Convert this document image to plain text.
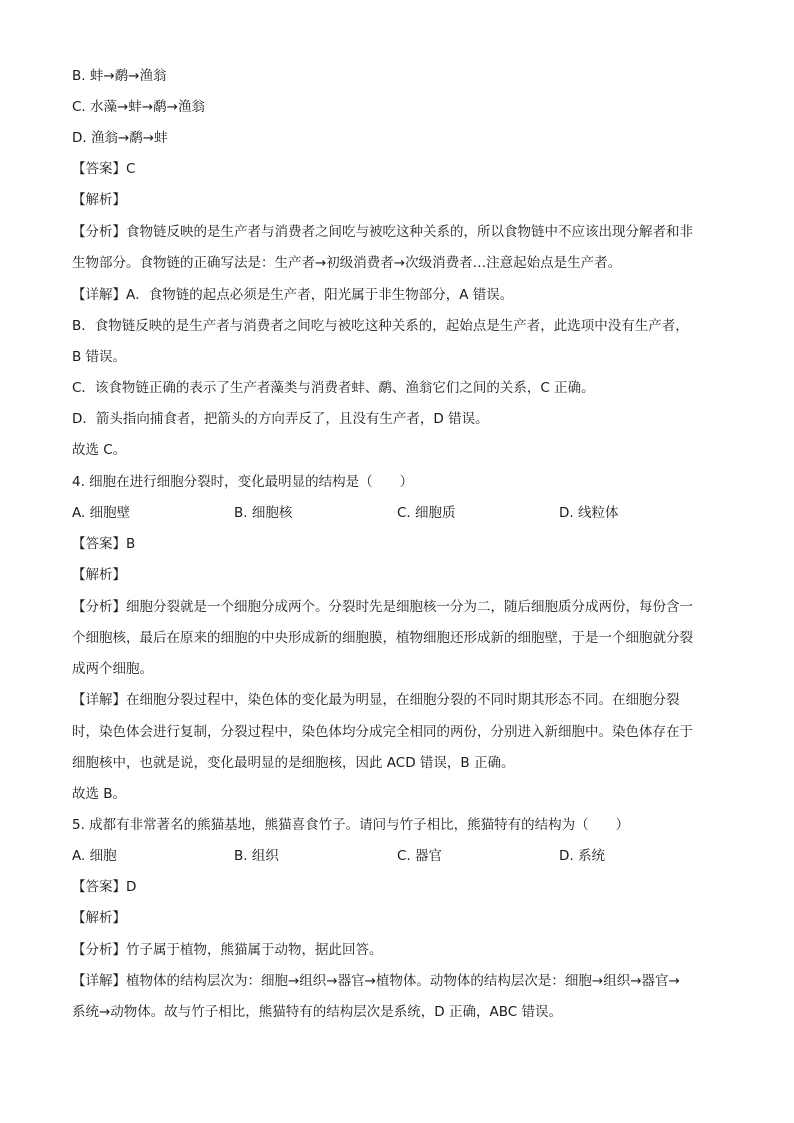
B. 蚌→鹬→渔翁
C. 水藻→蚌→鹬→渔翁
D. 渔翁→鹬→蚌
【答案】C
【解析】
【分析】食物链反映的是生产者与消费者之间吃与被吃这种关系的，所以食物链中不应该出现分解者和非
生物部分。食物链的正确写法是：生产者→初级消费者→次级消费者…注意起始点是生产者。
【详解】A．食物链的起点必须是生产者，阳光属于非生物部分，A 错误。
B．食物链反映的是生产者与消费者之间吃与被吃这种关系的，起始点是生产者，此选项中没有生产者，
B 错误。
C．该食物链正确的表示了生产者藻类与消费者蚌、鹬、渔翁它们之间的关系，C 正确。
D．箭头指向捕食者，把箭头的方向弄反了，且没有生产者，D 错误。
故选 C。
4. 细胞在进行细胞分裂时，变化最明显的结构是（　　）
A. 细胞壁	B. 细胞核	C. 细胞质	D. 线粒体
【答案】B
【解析】
【分析】细胞分裂就是一个细胞分成两个。分裂时先是细胞核一分为二，随后细胞质分成两份，每份含一
个细胞核，最后在原来的细胞的中央形成新的细胞膜，植物细胞还形成新的细胞壁，于是一个细胞就分裂
成两个细胞。
【详解】在细胞分裂过程中，染色体的变化最为明显，在细胞分裂的不同时期其形态不同。在细胞分裂
时，染色体会进行复制，分裂过程中，染色体均分成完全相同的两份，分别进入新细胞中。染色体存在于
细胞核中，也就是说，变化最明显的是细胞核，因此 ACD 错误，B 正确。
故选 B。
5. 成都有非常著名的熊猫基地，熊猫喜食竹子。请问与竹子相比，熊猫特有的结构为（　　）
A. 细胞	B. 组织	C. 器官	D. 系统
【答案】D
【解析】
【分析】竹子属于植物，熊猫属于动物，据此回答。
【详解】植物体的结构层次为：细胞→组织→器官→植物体。动物体的结构层次是：细胞→组织→器官→
系统→动物体。故与竹子相比，熊猫特有的结构层次是系统，D 正确，ABC 错误。
